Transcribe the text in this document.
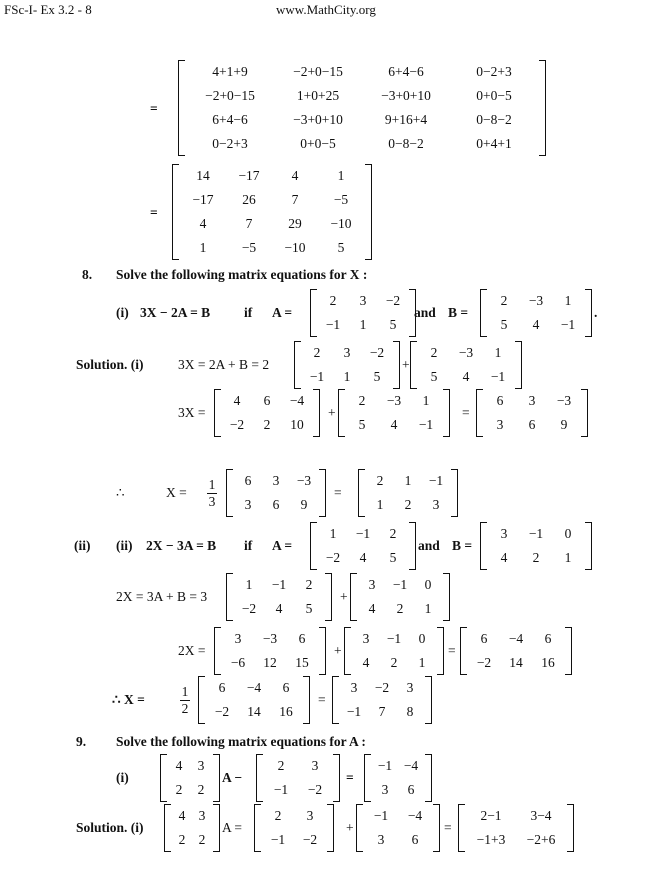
FSc-I- Ex 3.2 - 8	www.MathCity.org
=
4+1+9	−2+0−15	6+4−6	0−2+3
−2+0−15	1+0+25	−3+0+10	0+0−5
6+4−6	−3+0+10	9+16+4	0−8−2
0−2+3	0+0−5	0−8−2	0+4+1
=
14	−17	4	1
−17	26	7	−5
4	7	29	−10
1	−5	−10	5
8. Solve the following matrix equations for X :
(i) 3X − 2A = B	if A =
2	3	−2
−1	1	5
and B =
2	−3	1
5	4	−1
.
Solution. (i)	3X = 2A + B = 2
2	3	−2
−1	1	5
+
2	−3	1
5	4	−1
3X =
4	6	−4
−2	2	10
+
2	−3	1
5	4	−1
=
6	3	−3
3	6	9
∴	X =
1
3
6	3	−3
3	6	9
=
2	1	−1
1	2	3
(ii) (ii) 2X − 3A = B if A =
1	−1	2
−2	4	5
and B =
3	−1	0
4	2	1
2X = 3A + B = 3
1	−1	2
−2	4	5
+
3	−1	0
4	2	1
2X =
3	−3	6
−6	12	15
+
3	−1	0
4	2	1
=
6	−4	6
−2	14	16
∴ X =
1
2
6	−4	6
−2	14	16
=
3	−2	3
−1	7	8
9. Solve the following matrix equations for A :
(i)
4	3
2	2
A −
2	3
−1	−2
=
−1 −4
3	6
Solution. (i)
4 3
2 2
A =
2	3
−1	−2
+
−1	−4
3	6
=
2−1	3−4
−1+3	−2+6
